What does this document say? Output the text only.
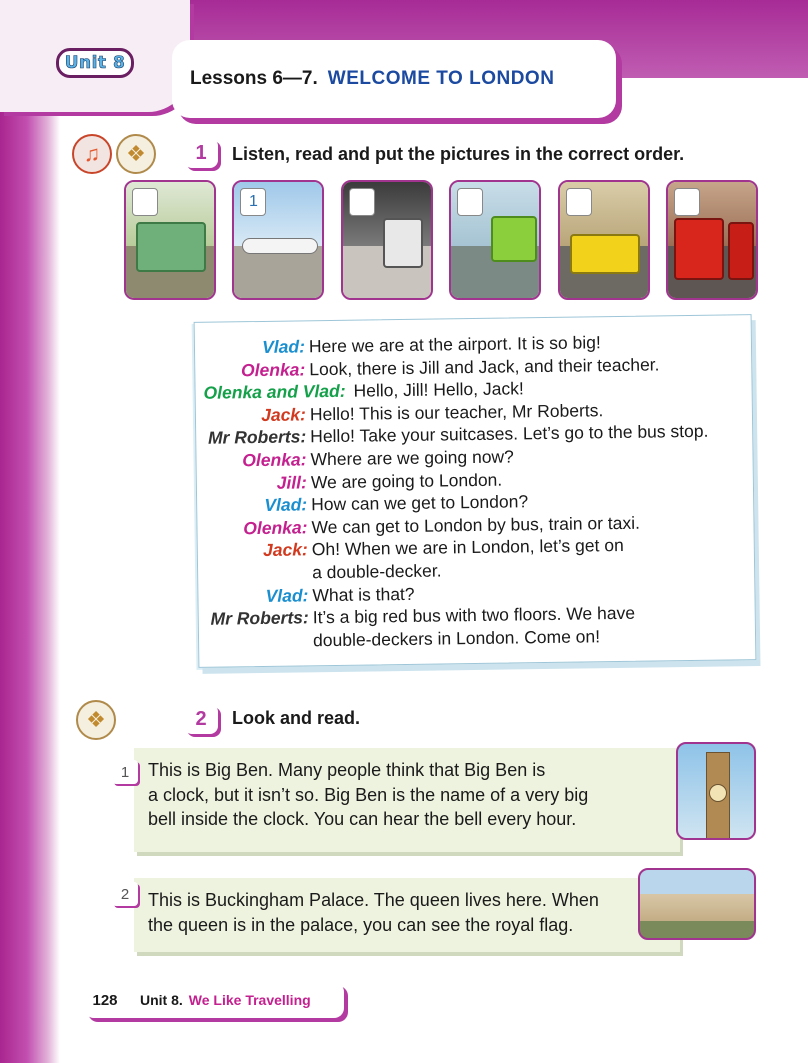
Unit 8
Lessons 6—7. WELCOME TO LONDON
♫	❖	1	Listen, read and put the pictures in the correct order.
1
Vlad: Here we are at the airport. It is so big!
Olenka: Look, there is Jill and Jack, and their teacher.
Olenka and Vlad: Hello, Jill! Hello, Jack!
Jack: Hello! This is our teacher, Mr Roberts.
Mr Roberts: Hello! Take your suitcases. Let’s go to the bus stop.
Olenka: Where are we going now?
Jill: We are going to London.
Vlad: How can we get to London?
Olenka: We can get to London by bus, train or taxi.
Jack: Oh! When we are in London, let’s get on
a double-decker.
Vlad: What is that?
Mr Roberts: It’s a big red bus with two floors. We have
double-deckers in London. Come on!
❖	2	Look and read.
This is Big Ben. Many people think that Big Ben is
a clock, but it isn’t so. Big Ben is the name of a very big
bell inside the clock. You can hear the bell every hour.
1
This is Buckingham Palace. The queen lives here. When
the queen is in the palace, you can see the royal flag.
2
128	Unit 8. We Like Travelling
